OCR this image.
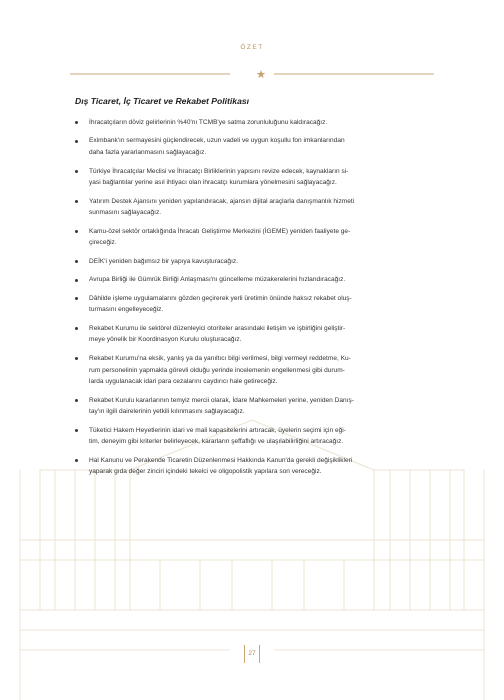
ÖZET
Dış Ticaret, İç Ticaret ve Rekabet Politikası
İhracatçıların döviz gelirlerinin %40'nı TCMB'ye satma zorunluluğunu kaldıracağız.
Eximbank'ın sermayesini güçlendirecek, uzun vadeli ve uygun koşullu fon imkanlarından
daha fazla yararlanmasını sağlayacağız.
Türkiye İhracatçılar Meclisi ve İhracatçı Birliklerinin yapısını revize edecek, kaynakların si-
yasi bağlantılar yerine asıl ihtiyacı olan ihracatçı kurumlara yönelmesini sağlayacağız.
Yatırım Destek Ajansını yeniden yapılandıracak, ajansın dijital araçlarla danışmanlık hizmeti
sunmasını sağlayacağız.
Kamu-özel sektör ortaklığında İhracatı Geliştirme Merkezini (İGEME) yeniden faaliyete ge-
çireceğiz.
DEİK'i yeniden bağımsız bir yapıya kavuşturacağız.
Avrupa Birliği ile Gümrük Birliği Anlaşması'nı güncelleme müzakerelerini hızlandıracağız.
Dâhilde işleme uygulamalarını gözden geçirerek yerli üretimin önünde haksız rekabet oluş-
turmasını engelleyeceğiz.
Rekabet Kurumu ile sektörel düzenleyici otoriteler arasındaki iletişim ve işbirliğini geliştir-
meye yönelik bir Koordinasyon Kurulu oluşturacağız.
Rekabet Kurumu'na eksik, yanlış ya da yanıltıcı bilgi verilmesi, bilgi vermeyi reddetme, Ku-
rum personelinin yapmakla görevli olduğu yerinde incelemenin engellenmesi gibi durum-
larda uygulanacak idari para cezalarını caydırıcı hale getireceğiz.
Rekabet Kurulu kararlarının temyiz mercii olarak, İdare Mahkemeleri yerine, yeniden Danış-
tay'ın ilgili dairelerinin yetkili kılınmasını sağlayacağız.
Tüketici Hakem Heyetlerinin idari ve mali kapasitelerini artıracak, üyelerin seçimi için eği-
tim, deneyim gibi kriterler belirleyecek, kararların şeffaflığı ve ulaşılabilirliğini artıracağız.
Hal Kanunu ve Perakende Ticaretin Düzenlenmesi Hakkında Kanun'da gerekli değişiklikleri
yaparak gıda değer zinciri içindeki tekelci ve oligopolistik yapılara son vereceğiz.
27
